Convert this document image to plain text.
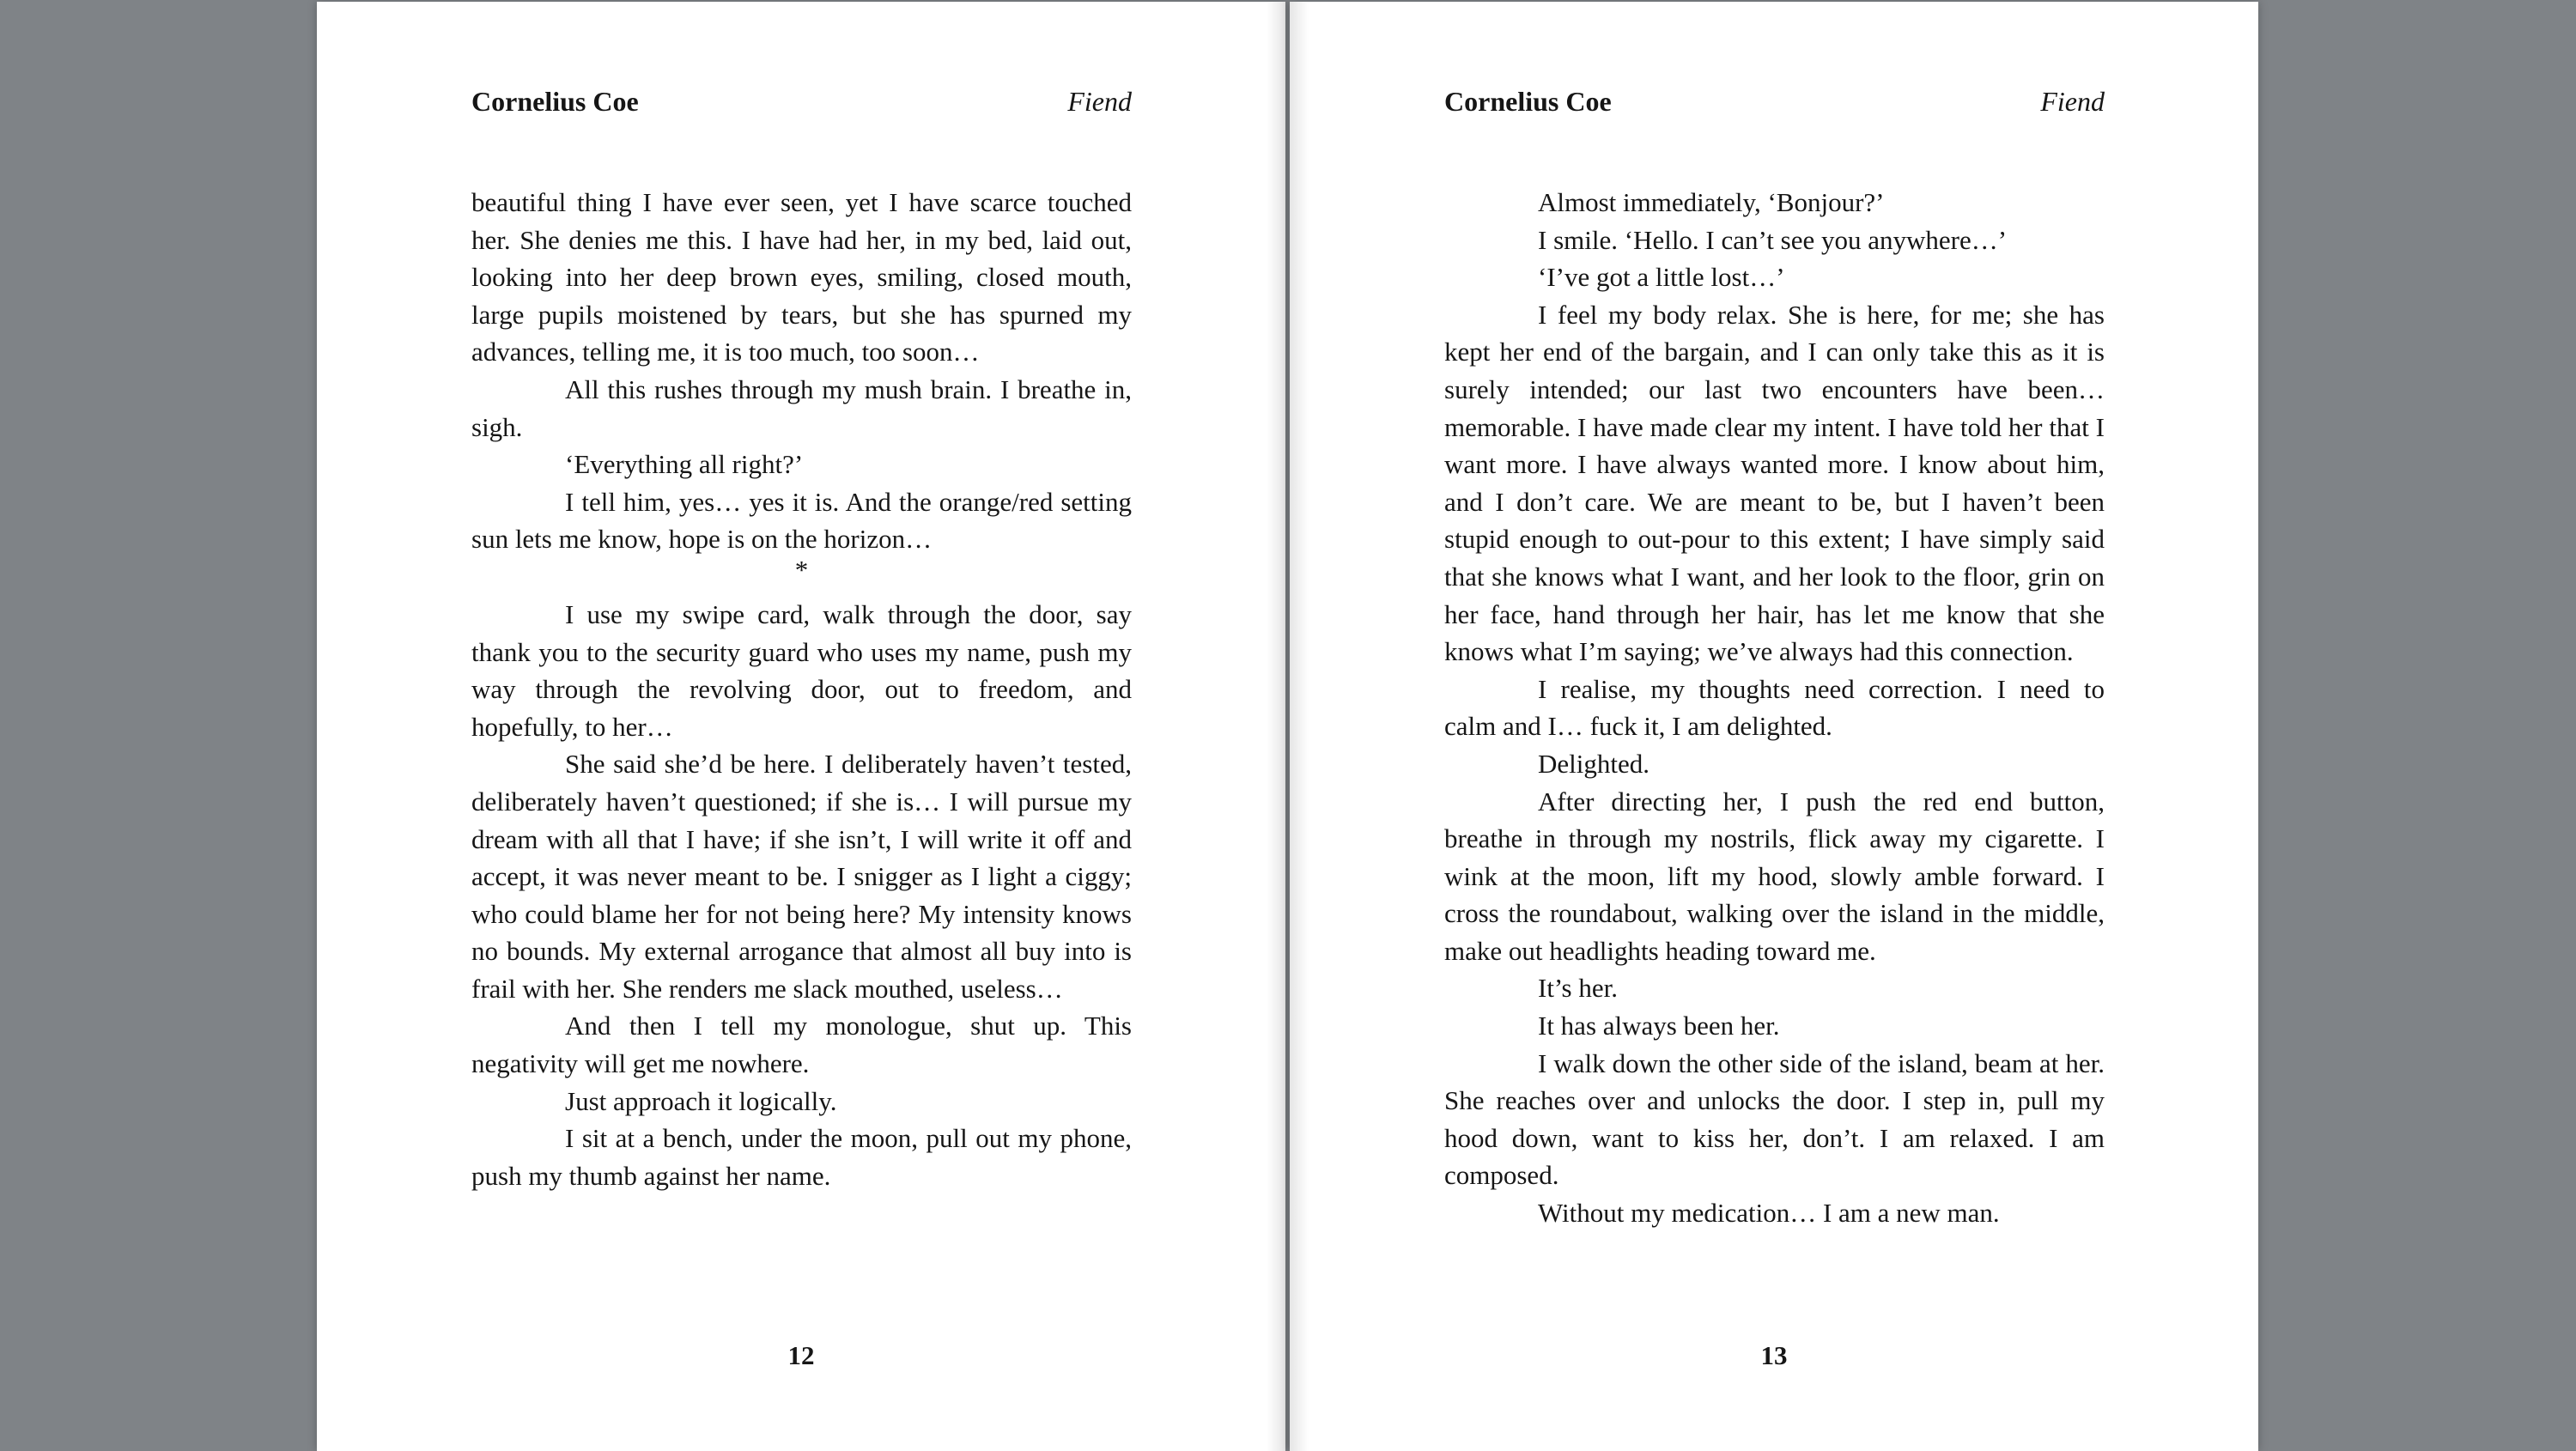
Cornelius Coe	Fiend

beautiful thing I have ever seen, yet I have scarce touched her. She denies me this. I have had her, in my bed, laid out, looking into her deep brown eyes, smiling, closed mouth, large pupils moistened by tears, but she has spurned my advances, telling me, it is too much, too soon…

All this rushes through my mush brain. I breathe in, sigh.

‘Everything all right?’

I tell him, yes… yes it is. And the orange/red setting sun lets me know, hope is on the horizon…

*

I use my swipe card, walk through the door, say thank you to the security guard who uses my name, push my way through the revolving door, out to freedom, and hopefully, to her…

She said she’d be here. I deliberately haven’t tested, deliberately haven’t questioned; if she is… I will pursue my dream with all that I have; if she isn’t, I will write it off and accept, it was never meant to be. I snigger as I light a ciggy; who could blame her for not being here? My intensity knows no bounds. My external arrogance that almost all buy into is frail with her. She renders me slack mouthed, useless…

And then I tell my monologue, shut up. This negativity will get me nowhere.

Just approach it logically.

I sit at a bench, under the moon, pull out my phone, push my thumb against her name.

12
Cornelius Coe	Fiend

Almost immediately, ‘Bonjour?’

I smile. ‘Hello. I can’t see you anywhere…’

‘I’ve got a little lost…’

I feel my body relax. She is here, for me; she has kept her end of the bargain, and I can only take this as it is surely intended; our last two encounters have been… memorable. I have made clear my intent. I have told her that I want more. I have always wanted more. I know about him, and I don’t care. We are meant to be, but I haven’t been stupid enough to out-pour to this extent; I have simply said that she knows what I want, and her look to the floor, grin on her face, hand through her hair, has let me know that she knows what I’m saying; we’ve always had this connection.

I realise, my thoughts need correction. I need to calm and I… fuck it, I am delighted.

Delighted.

After directing her, I push the red end button, breathe in through my nostrils, flick away my cigarette. I wink at the moon, lift my hood, slowly amble forward. I cross the roundabout, walking over the island in the middle, make out headlights heading toward me.

It’s her.

It has always been her.

I walk down the other side of the island, beam at her. She reaches over and unlocks the door. I step in, pull my hood down, want to kiss her, don’t. I am relaxed. I am composed.

Without my medication… I am a new man.

13
